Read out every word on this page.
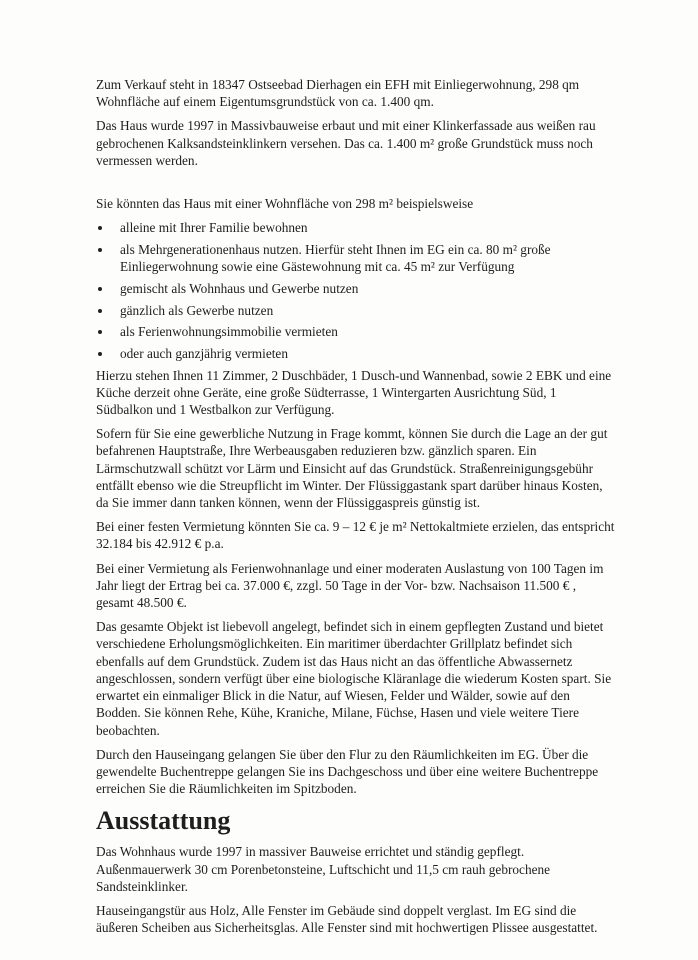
Zum Verkauf steht in 18347 Ostseebad Dierhagen ein EFH mit Einliegerwohnung, 298 qm Wohnfläche auf einem Eigentumsgrundstück von ca. 1.400 qm.

Das Haus wurde 1997 in Massivbauweise erbaut und mit einer Klinkerfassade aus weißen rau gebrochenen Kalksandsteinklinkern versehen. Das ca. 1.400 m² große Grundstück muss noch vermessen werden.

Sie könnten das Haus mit einer Wohnfläche von 298 m² beispielsweise

alleine mit Ihrer Familie bewohnen
als Mehrgenerationenhaus nutzen. Hierfür steht Ihnen im EG ein ca. 80 m² große Einliegerwohnung sowie eine Gästewohnung mit ca. 45 m² zur Verfügung
gemischt als Wohnhaus und Gewerbe nutzen
gänzlich als Gewerbe nutzen
als Ferienwohnungsimmobilie vermieten
oder auch ganzjährig vermieten

Hierzu stehen Ihnen 11 Zimmer, 2 Duschbäder, 1 Dusch-und Wannenbad, sowie 2 EBK und eine Küche derzeit ohne Geräte, eine große Südterrasse, 1 Wintergarten Ausrichtung Süd, 1 Südbalkon und 1 Westbalkon zur Verfügung.

Sofern für Sie eine gewerbliche Nutzung in Frage kommt, können Sie durch die Lage an der gut befahrenen Hauptstraße, Ihre Werbeausgaben reduzieren bzw. gänzlich sparen. Ein Lärmschutzwall schützt vor Lärm und Einsicht auf das Grundstück. Straßenreinigungsgebühr entfällt ebenso wie die Streupflicht im Winter. Der Flüssiggastank spart darüber hinaus Kosten, da Sie immer dann tanken können, wenn der Flüssiggaspreis günstig ist.

Bei einer festen Vermietung könnten Sie ca. 9 – 12 € je m² Nettokaltmiete erzielen, das entspricht 32.184 bis 42.912 € p.a.

Bei einer Vermietung als Ferienwohnanlage und einer moderaten Auslastung von 100 Tagen im Jahr liegt der Ertrag bei ca. 37.000 €, zzgl. 50 Tage in der Vor- bzw. Nachsaison 11.500 € , gesamt 48.500 €.

Das gesamte Objekt ist liebevoll angelegt, befindet sich in einem gepflegten Zustand und bietet verschiedene Erholungsmöglichkeiten. Ein maritimer überdachter Grillplatz befindet sich ebenfalls auf dem Grundstück. Zudem ist das Haus nicht an das öffentliche Abwassernetz angeschlossen, sondern verfügt über eine biologische Kläranlage die wiederum Kosten spart. Sie erwartet ein einmaliger Blick in die Natur, auf Wiesen, Felder und Wälder, sowie auf den Bodden. Sie können Rehe, Kühe, Kraniche, Milane, Füchse, Hasen und viele weitere Tiere beobachten.

Durch den Hauseingang gelangen Sie über den Flur zu den Räumlichkeiten im EG. Über die gewendelte Buchentreppe gelangen Sie ins Dachgeschoss und über eine weitere Buchentreppe erreichen Sie die Räumlichkeiten im Spitzboden.

Ausstattung

Das Wohnhaus wurde 1997 in massiver Bauweise errichtet und ständig gepflegt. Außenmauerwerk 30 cm Porenbetonsteine, Luftschicht und 11,5 cm rauh gebrochene Sandsteinklinker.

Hauseingangstür aus Holz, Alle Fenster im Gebäude sind doppelt verglast. Im EG sind die äußeren Scheiben aus Sicherheitsglas. Alle Fenster sind mit hochwertigen Plissee ausgestattet.
